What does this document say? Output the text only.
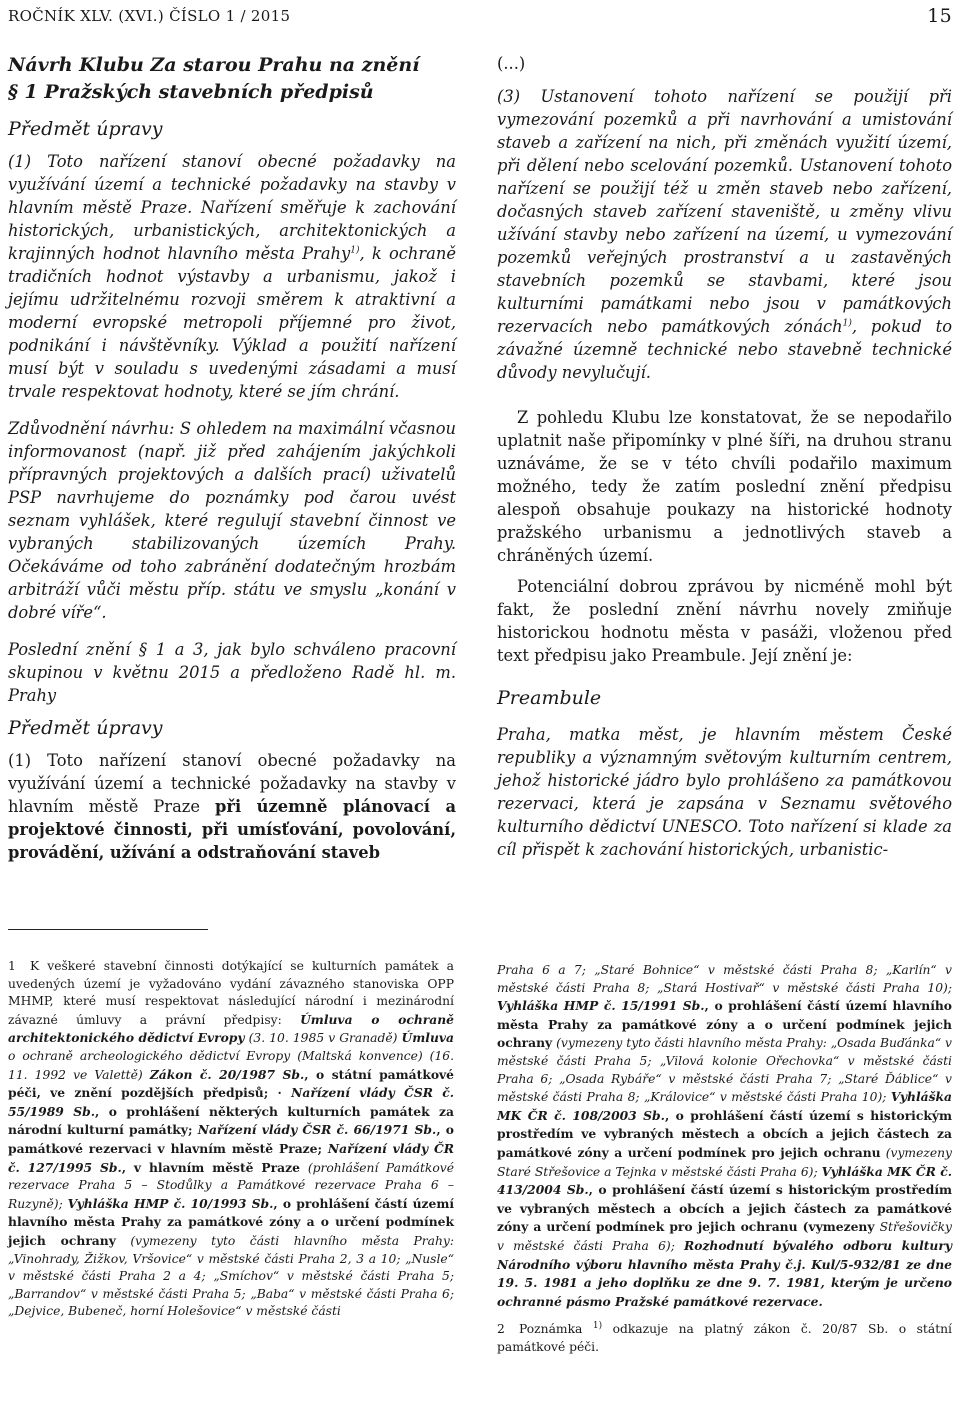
ROČNÍK XLV. (XVI.) ČÍSLO 1 / 2015	15
Návrh Klubu Za starou Prahu na znění
§ 1 Pražských stavebních předpisů
Předmět úpravy

(1) Toto nařízení stanoví obecné požadavky na využívání území a technické požadavky na stavby v hlavním městě Praze. Nařízení směřuje k zachování historických, urbanistických, architektonických a krajinných hodnot hlavního města Prahy$^{1)}$, k ochraně tradičních hodnot výstavby a urbanismu, jakož i jejímu udržitelnému rozvoji směrem k atraktivní a moderní evropské metropoli příjemné pro život, podnikání i návštěvníky. Výklad a použití nařízení musí být v souladu s uvedenými zásadami a musí trvale respektovat hodnoty, které se jím chrání.

Zdůvodnění návrhu: S ohledem na maximální včasnou informovanost (např. již před zahájením jakýchkoli přípravných projektových a dalších prací) uživatelů PSP navrhujeme do poznámky pod čarou uvést seznam vyhlášek, které regulují stavební činnost ve vybraných stabilizovaných územích Prahy. Očekáváme od toho zabránění dodatečným hrozbám arbitráží vůči městu příp. státu ve smyslu „konání v dobré víře“.

Poslední znění § 1 a 3, jak bylo schváleno pracovní skupinou v květnu 2015 a předloženo Radě hl. m. Prahy

Předmět úpravy

(1) Toto nařízení stanoví obecné požadavky na využívání území a technické požadavky na stavby v hlavním městě Praze při územně plánovací a projektové činnosti, při umísťování, povolování, provádění, užívání a odstraňování staveb

(...)

(3) Ustanovení tohoto nařízení se použijí při vymezování pozemků a při navrhování a umistování staveb a zařízení na nich, při změnách využití území, při dělení nebo scelování pozemků. Ustanovení tohoto nařízení se použijí též u změn staveb nebo zařízení, dočasných staveb zařízení staveniště, u změny vlivu užívání stavby nebo zařízení na území, u vymezování pozemků veřejných prostranství a u zastavěných stavebních pozemků se stavbami, které jsou kulturními památkami nebo jsou v památkových rezervacích nebo památkových zónách$^{1)}$, pokud to závažné územně technické nebo stavebně technické důvody nevylučují.

Z pohledu Klubu lze konstatovat, že se nepodařilo uplatnit naše připomínky v plné šíři, na druhou stranu uznáváme, že se v této chvíli podařilo maximum možného, tedy že zatím poslední znění předpisu alespoň obsahuje poukazy na historické hodnoty pražského urbanismu a jednotlivých staveb a chráněných území.

Potenciální dobrou zprávou by nicméně mohl být fakt, že poslední znění návrhu novely zmiňuje historickou hodnotu města v pasáži, vloženou před text předpisu jako Preambule. Její znění je:

Preambule

Praha, matka měst, je hlavním městem České republiky a významným světovým kulturním centrem, jehož historické jádro bylo prohlášeno za památkovou rezervaci, která je zapsána v Seznamu světového kulturního dědictví UNESCO. Toto nařízení si klade za cíl přispět k zachování historických, urbanistic-

1 K veškeré stavební činnosti dotýkající se kulturních památek a uvedených území je vyžadováno vydání závazného stanoviska OPP MHMP, které musí respektovat následující národní i mezinárodní závazné úmluvy a právní předpisy: Úmluva o ochraně architektonického dědictví Evropy (3. 10. 1985 v Granadě) Úmluva o ochraně archeologického dědictví Evropy (Maltská konvence) (16. 11. 1992 ve Valettě) Zákon č. 20/1987 Sb., o státní památkové péči, ve znění pozdějších předpisů; · Nařízení vlády ČSR č. 55/1989 Sb., o prohlášení některých kulturních památek za národní kulturní památky; Nařízení vlády ČSR č. 66/1971 Sb., o památkové rezervaci v hlavním městě Praze; Nařízení vlády ČR č. 127/1995 Sb., v hlavním městě Praze (prohlášení Památkové rezervace Praha 5 – Stodůlky a Památkové rezervace Praha 6 – Ruzyně); Vyhláška HMP č. 10/1993 Sb., o prohlášení částí území hlavního města Prahy za památkové zóny a o určení podmínek jejich ochrany (vymezeny tyto části hlavního města Prahy: „Vinohrady, Žižkov, Vršovice“ v městské části Praha 2, 3 a 10; „Nusle“ v městské části Praha 2 a 4; „Smíchov“ v městské části Praha 5; „Barrandov“ v městské části Praha 5; „Baba“ v městské části Praha 6; „Dejvice, Bubeneč, horní Holešovice“ v městské části
Praha 6 a 7; „Staré Bohnice“ v městské části Praha 8; „Karlín“ v městské části Praha 8; „Stará Hostivař“ v městské části Praha 10); Vyhláška HMP č. 15/1991 Sb., o prohlášení částí území hlavního města Prahy za památkové zóny a o určení podmínek jejich ochrany (vymezeny tyto části hlavního města Prahy: „Osada Buďánka“ v městské části Praha 5; „Vilová kolonie Ořechovka“ v městské části Praha 6; „Osada Rybáře“ v městské části Praha 7; „Staré Ďáblice“ v městské části Praha 8; „Královice“ v městské části Praha 10); Vyhláška MK ČR č. 108/2003 Sb., o prohlášení částí území s historickým prostředím ve vybraných městech a obcích a jejich částech za památkové zóny a určení podmínek pro jejich ochranu (vymezeny Staré Střešovice a Tejnka v městské části Praha 6); Vyhláška MK ČR č. 413/2004 Sb., o prohlášení částí území s historickým prostředím ve vybraných městech a obcích a jejich částech za památkové zóny a určení podmínek pro jejich ochranu (vymezeny Střešovičky v městské části Praha 6); Rozhodnutí bývalého odboru kultury Národního výboru hlavního města Prahy č.j. Kul/5-932/81 ze dne 19. 5. 1981 a jeho doplňku ze dne 9. 7. 1981, kterým je určeno ochranné pásmo Pražské památkové rezervace.

2 Poznámka $^{1)}$ odkazuje na platný zákon č. 20/87 Sb. o státní památkové péči.
